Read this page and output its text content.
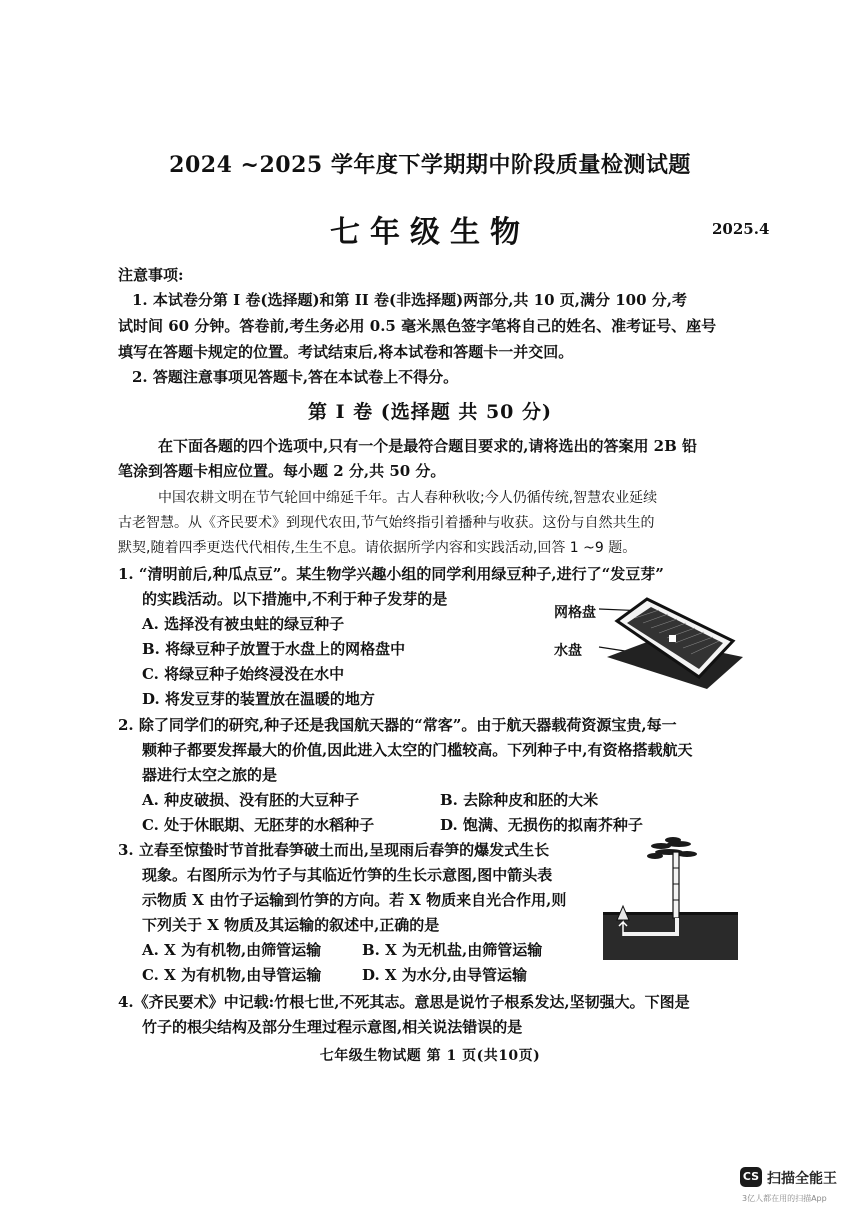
2024 ~2025 学年度下学期期中阶段质量检测试题
七年级生物	2025.4
注意事项:
1. 本试卷分第 I 卷(选择题)和第 II 卷(非选择题)两部分,共 10 页,满分 100 分,考
试时间 60 分钟。答卷前,考生务必用 0.5 毫米黑色签字笔将自己的姓名、准考证号、座号
填写在答题卡规定的位置。考试结束后,将本试卷和答题卡一并交回。
2. 答题注意事项见答题卡,答在本试卷上不得分。
第 I 卷 (选择题 共 50 分)
在下面各题的四个选项中,只有一个是最符合题目要求的,请将选出的答案用 2B 铅
笔涂到答题卡相应位置。每小题 2 分,共 50 分。
中国农耕文明在节气轮回中绵延千年。古人春种秋收;今人仍循传统,智慧农业延续
古老智慧。从《齐民要术》到现代农田,节气始终指引着播种与收获。这份与自然共生的
默契,随着四季更迭代代相传,生生不息。请依据所学内容和实践活动,回答 1 ~9 题。
1. “清明前后,种瓜点豆”。某生物学兴趣小组的同学利用绿豆种子,进行了“发豆芽”
的实践活动。以下措施中,不利于种子发芽的是
A. 选择没有被虫蛀的绿豆种子
B. 将绿豆种子放置于水盘上的网格盘中
C. 将绿豆种子始终浸没在水中
D. 将发豆芽的装置放在温暖的地方
网格盘
水盘
2. 除了同学们的研究,种子还是我国航天器的“常客”。由于航天器载荷资源宝贵,每一
颗种子都要发挥最大的价值,因此进入太空的门槛较高。下列种子中,有资格搭载航天
器进行太空之旅的是
A. 种皮破损、没有胚的大豆种子	B. 去除种皮和胚的大米
C. 处于休眠期、无胚芽的水稻种子	D. 饱满、无损伤的拟南芥种子
3. 立春至惊蛰时节首批春笋破土而出,呈现雨后春笋的爆发式生长
现象。右图所示为竹子与其临近竹笋的生长示意图,图中箭头表
示物质 X 由竹子运输到竹笋的方向。若 X 物质来自光合作用,则
下列关于 X 物质及其运输的叙述中,正确的是
A. X 为有机物,由筛管运输	B. X 为无机盐,由筛管运输
C. X 为有机物,由导管运输	D. X 为水分,由导管运输
4.《齐民要术》中记载:竹根七世,不死其志。意思是说竹子根系发达,坚韧强大。下图是
竹子的根尖结构及部分生理过程示意图,相关说法错误的是
七年级生物试题 第 1 页(共10页)
CS 扫描全能王
3亿人都在用的扫描App
